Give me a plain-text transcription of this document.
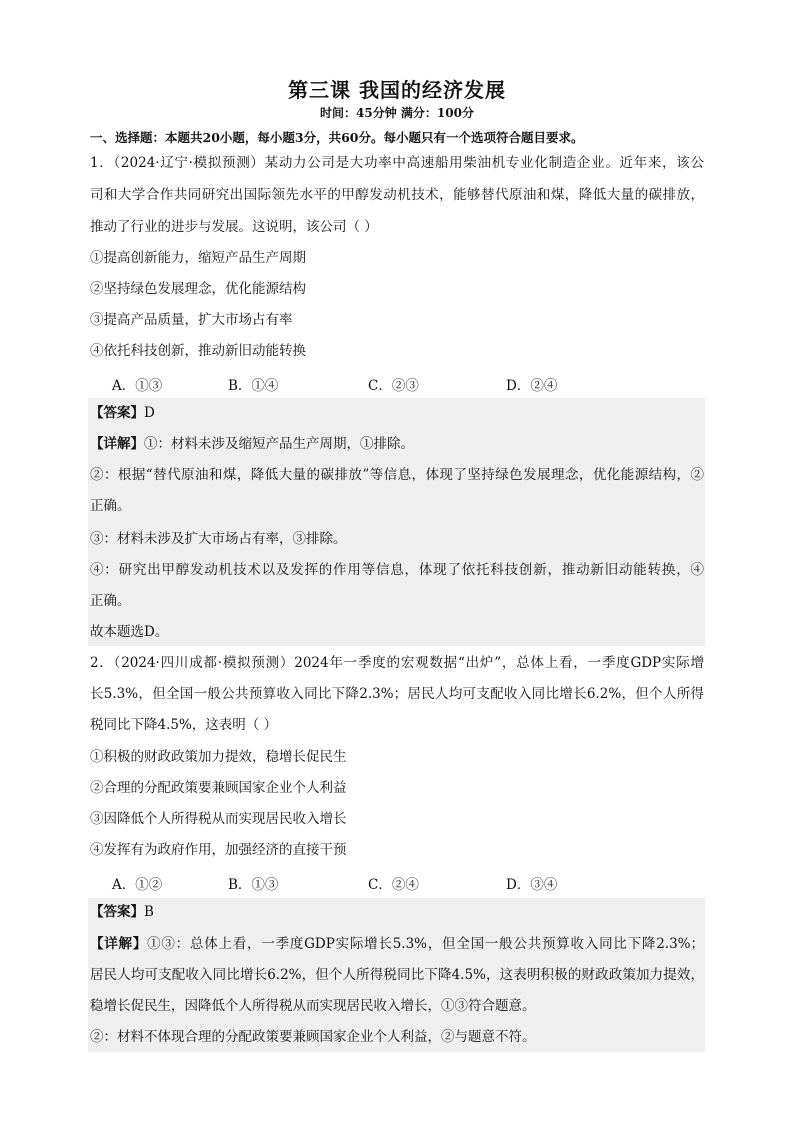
第三课 我国的经济发展
时间：45分钟 满分：100分
一、选择题：本题共20小题，每小题3分，共60分。每小题只有一个选项符合题目要求。
1．（2024·辽宁·模拟预测）某动力公司是大功率中高速船用柴油机专业化制造企业。近年来，该公
司和大学合作共同研究出国际领先水平的甲醇发动机技术，能够替代原油和煤，降低大量的碳排放，
推动了行业的进步与发展。这说明，该公司（ ）
①提高创新能力，缩短产品生产周期
②坚持绿色发展理念，优化能源结构
③提高产品质量，扩大市场占有率
④依托科技创新，推动新旧动能转换
A．①③	B．①④	C．②③	D．②④
【答案】D
【详解】①：材料未涉及缩短产品生产周期，①排除。
②：根据“替代原油和煤，降低大量的碳排放”等信息，体现了坚持绿色发展理念，优化能源结构，②
正确。
③：材料未涉及扩大市场占有率，③排除。
④：研究出甲醇发动机技术以及发挥的作用等信息，体现了依托科技创新，推动新旧动能转换，④
正确。
故本题选D。
2．（2024·四川成都·模拟预测）2024年一季度的宏观数据“出炉”，总体上看，一季度GDP实际增
长5.3%，但全国一般公共预算收入同比下降2.3%；居民人均可支配收入同比增长6.2%，但个人所得
税同比下降4.5%，这表明（ ）
①积极的财政政策加力提效，稳增长促民生
②合理的分配政策要兼顾国家企业个人利益
③因降低个人所得税从而实现居民收入增长
④发挥有为政府作用，加强经济的直接干预
A．①②	B．①③	C．②④	D．③④
【答案】B
【详解】①③：总体上看，一季度GDP实际增长5.3%，但全国一般公共预算收入同比下降2.3%；
居民人均可支配收入同比增长6.2%，但个人所得税同比下降4.5%，这表明积极的财政政策加力提效，
稳增长促民生，因降低个人所得税从而实现居民收入增长，①③符合题意。
②：材料不体现合理的分配政策要兼顾国家企业个人利益，②与题意不符。
